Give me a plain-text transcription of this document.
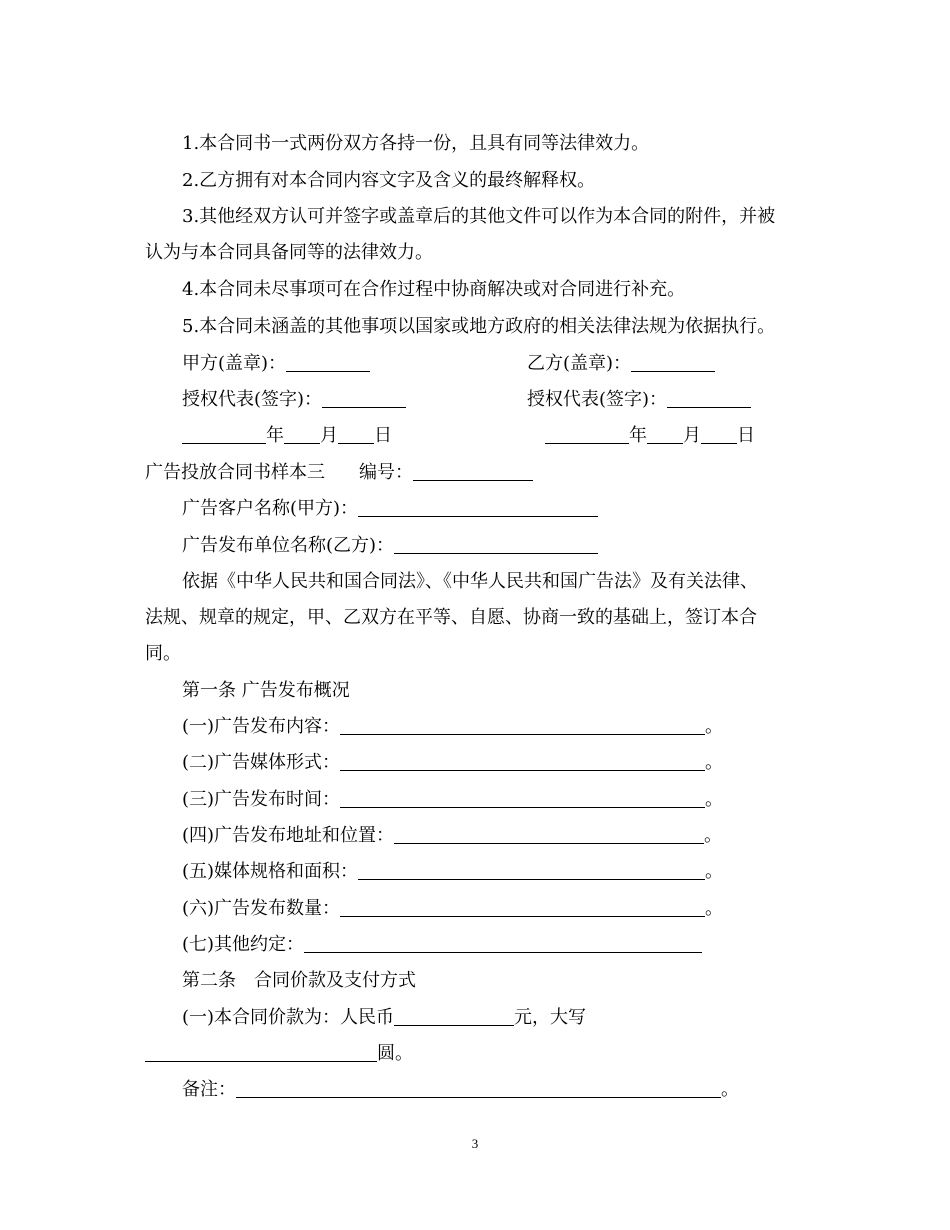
1.本合同书一式两份双方各持一份，且具有同等法律效力。
2.乙方拥有对本合同内容文字及含义的最终解释权。
3.其他经双方认可并签字或盖章后的其他文件可以作为本合同的附件，并被
认为与本合同具备同等的法律效力。
4.本合同未尽事项可在合作过程中协商解决或对合同进行补充。
5.本合同未涵盖的其他事项以国家或地方政府的相关法律法规为依据执行。
甲方(盖章)：	乙方(盖章)：
授权代表(签字)：	授权代表(签字)：
年 月 日	年 月 日
广告投放合同书样本三 编号：
广告客户名称(甲方)：
广告发布单位名称(乙方)：
依据《中华人民共和国合同法》、《中华人民共和国广告法》及有关法律、
法规、规章的规定，甲、乙双方在平等、自愿、协商一致的基础上，签订本合
同。
第一条 广告发布概况
(一)广告发布内容：	。
(二)广告媒体形式：	。
(三)广告发布时间：	。
(四)广告发布地址和位置：	。
(五)媒体规格和面积：	。
(六)广告发布数量：	。
(七)其他约定：
第二条　合同价款及支付方式
(一)本合同价款为：人民币	元，大写
圆。
备注：	。
3
